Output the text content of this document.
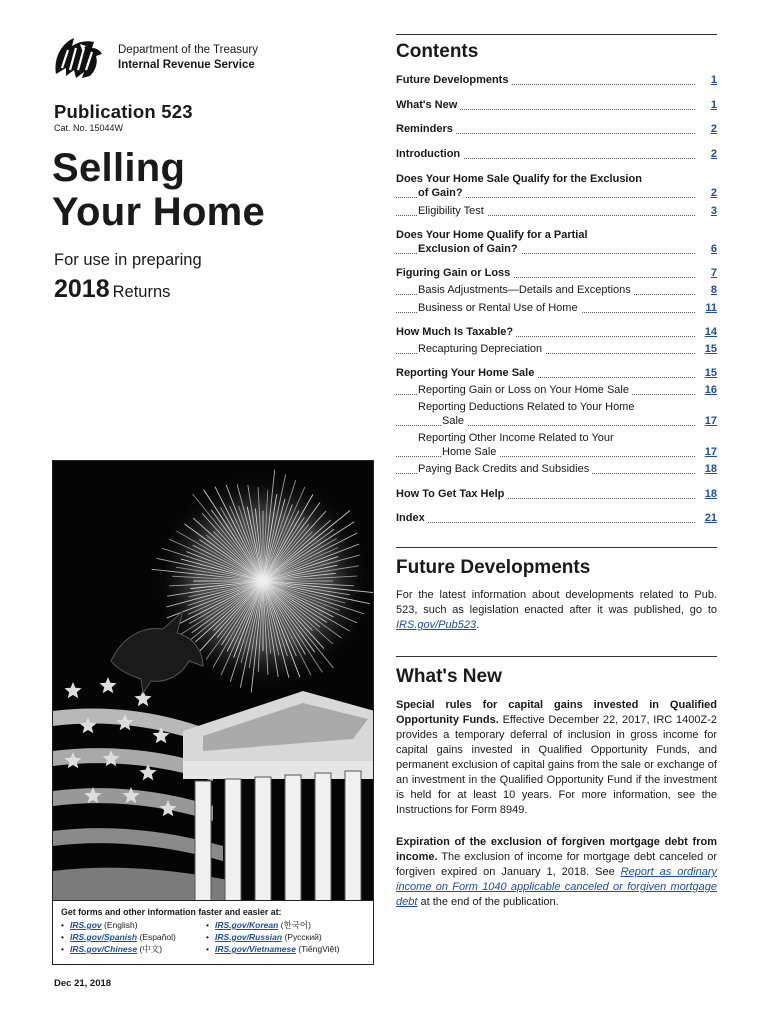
Department of the Treasury
Internal Revenue Service
Publication 523
Cat. No. 15044W
Selling
Your Home
For use in preparing
2018 Returns
Get forms and other information faster and easier at:
• IRS.gov (English)
• IRS.gov/Spanish (Español)
• IRS.gov/Chinese (中文)
• IRS.gov/Korean (한국어)
• IRS.gov/Russian (Pусский)
• IRS.gov/Vietnamese (TiếngViệt)
Dec 21, 2018
Contents
Future Developments	1
What's New	1
Reminders	2
Introduction	2
Does Your Home Sale Qualify for the Exclusion
of Gain?	2
Eligibility Test	3
Does Your Home Qualify for a Partial
Exclusion of Gain?	6
Figuring Gain or Loss	7
Basis Adjustments—Details and Exceptions	8
Business or Rental Use of Home	11
How Much Is Taxable?	14
Recapturing Depreciation	15
Reporting Your Home Sale	15
Reporting Gain or Loss on Your Home Sale	16
Reporting Deductions Related to Your Home
Sale	17
Reporting Other Income Related to Your
Home Sale	17
Paying Back Credits and Subsidies	18
How To Get Tax Help	18
Index	21
Future Developments
For the latest information about developments related to Pub. 523, such as legislation enacted after it was published, go to IRS.gov/Pub523.
What's New
Special rules for capital gains invested in Qualified Opportunity Funds. Effective December 22, 2017, IRC 1400Z-2 provides a temporary deferral of inclusion in gross income for capital gains invested in Qualified Opportunity Funds, and permanent exclusion of capital gains from the sale or exchange of an investment in the Qualified Opportunity Fund if the investment is held for at least 10 years. For more information, see the Instructions for Form 8949.
Expiration of the exclusion of forgiven mortgage debt from income. The exclusion of income for mortgage debt canceled or forgiven expired on January 1, 2018. See Report as ordinary income on Form 1040 applicable canceled or forgiven mortgage debt at the end of the publication.
